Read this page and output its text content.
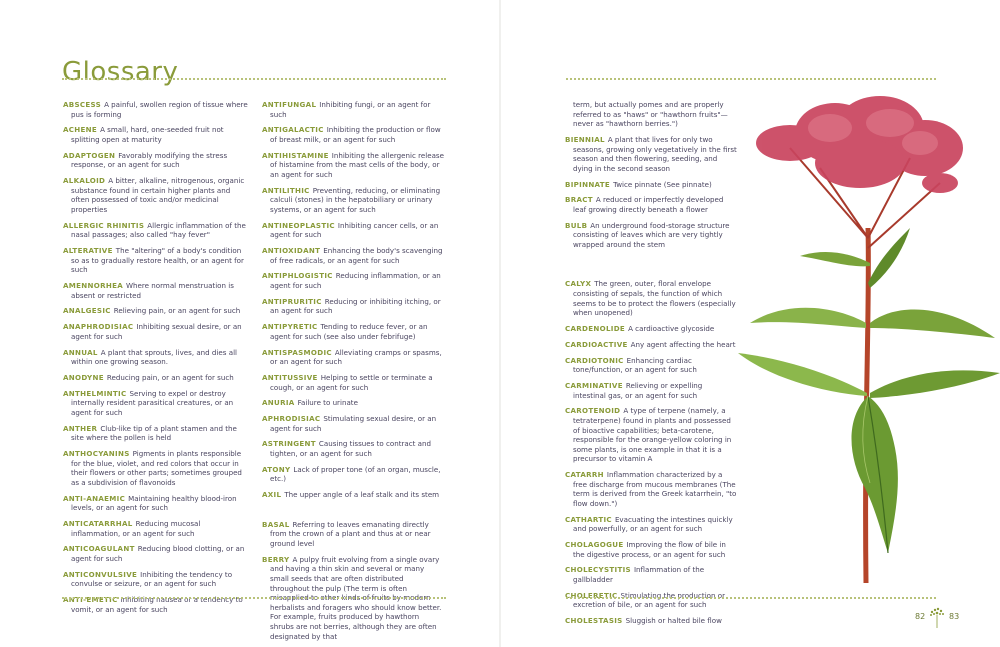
Glossary

ABSCESS A painful, swollen region of tissue where pus is forming

ACHENE A small, hard, one-seeded fruit not splitting open at maturity

ADAPTOGEN Favorably modifying the stress response, or an agent for such

ALKALOID A bitter, alkaline, nitrogenous, organic substance found in certain higher plants and often possessed of toxic and/or medicinal properties

ALLERGIC RHINITIS Allergic inflammation of the nasal passages; also called "hay fever"

ALTERATIVE The "altering" of a body's condition so as to gradually restore health, or an agent for such

AMENNORHEA Where normal menstruation is absent or restricted

ANALGESIC Relieving pain, or an agent for such

ANAPHRODISIAC Inhibiting sexual desire, or an agent for such

ANNUAL A plant that sprouts, lives, and dies all within one growing season.

ANODYNE Reducing pain, or an agent for such

ANTHELMINTIC Serving to expel or destroy internally resident parasitical creatures, or an agent for such

ANTHER Club-like tip of a plant stamen and the site where the pollen is held

ANTHOCYANINS Pigments in plants responsible for the blue, violet, and red colors that occur in their flowers or other parts; sometimes grouped as a subdivision of flavonoids

ANTI-ANAEMIC Maintaining healthy blood-iron levels, or an agent for such

ANTICATARRHAL Reducing mucosal inflammation, or an agent for such

ANTICOAGULANT Reducing blood clotting, or an agent for such

ANTICONVULSIVE Inhibiting the tendency to convulse or seizure, or an agent for such

ANTI-EMETIC Inhibiting nausea or a tendency to vomit, or an agent for such

ANTIFUNGAL Inhibiting fungi, or an agent for such

ANTIGALACTIC Inhibiting the production or flow of breast milk, or an agent for such

ANTIHISTAMINE Inhibiting the allergenic release of histamine from the mast cells of the body, or an agent for such

ANTILITHIC Preventing, reducing, or eliminating calculi (stones) in the hepatobiliary or urinary systems, or an agent for such

ANTINEOPLASTIC Inhibiting cancer cells, or an agent for such

ANTIOXIDANT Enhancing the body's scavenging of free radicals, or an agent for such

ANTIPHLOGISTIC Reducing inflammation, or an agent for such

ANTIPRURITIC Reducing or inhibiting itching, or an agent for such

ANTIPYRETIC Tending to reduce fever, or an agent for such (see also under febrifuge)

ANTISPASMODIC Alleviating cramps or spasms, or an agent for such

ANTITUSSIVE Helping to settle or terminate a cough, or an agent for such

ANURIA Failure to urinate

APHRODISIAC Stimulating sexual desire, or an agent for such

ASTRINGENT Causing tissues to contract and tighten, or an agent for such

ATONY Lack of proper tone (of an organ, muscle, etc.)

AXIL The upper angle of a leaf stalk and its stem

BASAL Referring to leaves emanating directly from the crown of a plant and thus at or near ground level

BERRY A pulpy fruit evolving from a single ovary and having a thin skin and several or many small seeds that are often distributed throughout the pulp (The term is often misapplied to other kinds of fruits by modern herbalists and foragers who should know better. For example, fruits produced by hawthorn shrubs are not berries, although they are often designated by that

term, but actually pomes and are properly referred to as "haws" or "hawthorn fruits"—never as "hawthorn berries.")

BIENNIAL A plant that lives for only two seasons, growing only vegetatively in the first season and then flowering, seeding, and dying in the second season

BIPINNATE Twice pinnate (See pinnate)

BRACT A reduced or imperfectly developed leaf growing directly beneath a flower

BULB An underground food-storage structure consisting of leaves which are very tightly wrapped around the stem

CALYX The green, outer, floral envelope consisting of sepals, the function of which seems to be to protect the flowers (especially when unopened)

CARDENOLIDE A cardioactive glycoside

CARDIOACTIVE Any agent affecting the heart

CARDIOTONIC Enhancing cardiac tone/function, or an agent for such

CARMINATIVE Relieving or expelling intestinal gas, or an agent for such

CAROTENOID A type of terpene (namely, a tetraterpene) found in plants and possessed of bioactive capabilities; beta-carotene, responsible for the orange-yellow coloring in some plants, is one example in that it is a precursor to vitamin A

CATARRH Inflammation characterized by a free discharge from mucous membranes (The term is derived from the Greek katarrhein, "to flow down.")

CATHARTIC Evacuating the intestines quickly and powerfully, or an agent for such

CHOLAGOGUE Improving the flow of bile in the digestive process, or an agent for such

CHOLECYSTITIS Inflammation of the gallbladder

CHOLERETIC Stimulating the production or excretion of bile, or an agent for such

CHOLESTASIS Sluggish or halted bile flow	82	83
